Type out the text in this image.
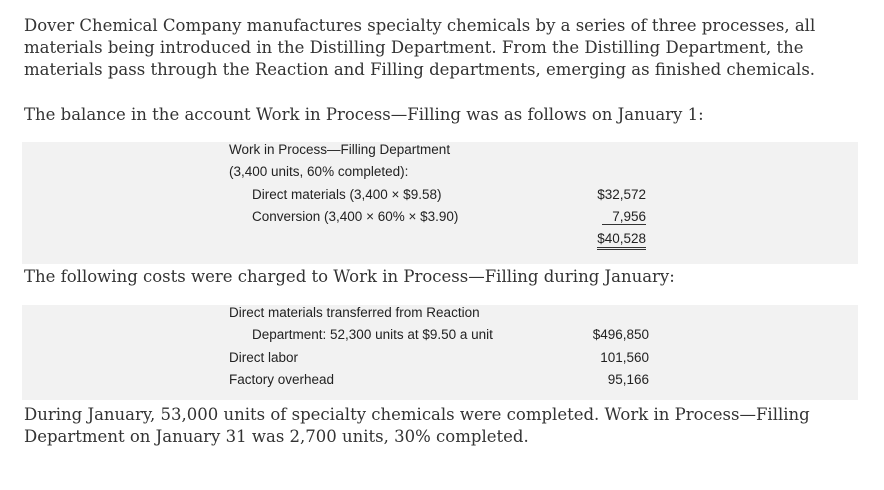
Dover Chemical Company manufactures specialty chemicals by a series of three processes, all materials being introduced in the Distilling Department. From the Distilling Department, the materials pass through the Reaction and Filling departments, emerging as finished chemicals.

The balance in the account Work in Process—Filling was as follows on January 1:

Work in Process—Filling Department
(3,400 units, 60% completed):
Direct materials (3,400 × $9.58)	$32,572
Conversion (3,400 × 60% × $3.90)	7,956
$40,528

The following costs were charged to Work in Process—Filling during January:

Direct materials transferred from Reaction
Department: 52,300 units at $9.50 a unit	$496,850
Direct labor	101,560
Factory overhead	95,166

During January, 53,000 units of specialty chemicals were completed. Work in Process—Filling Department on January 31 was 2,700 units, 30% completed.
